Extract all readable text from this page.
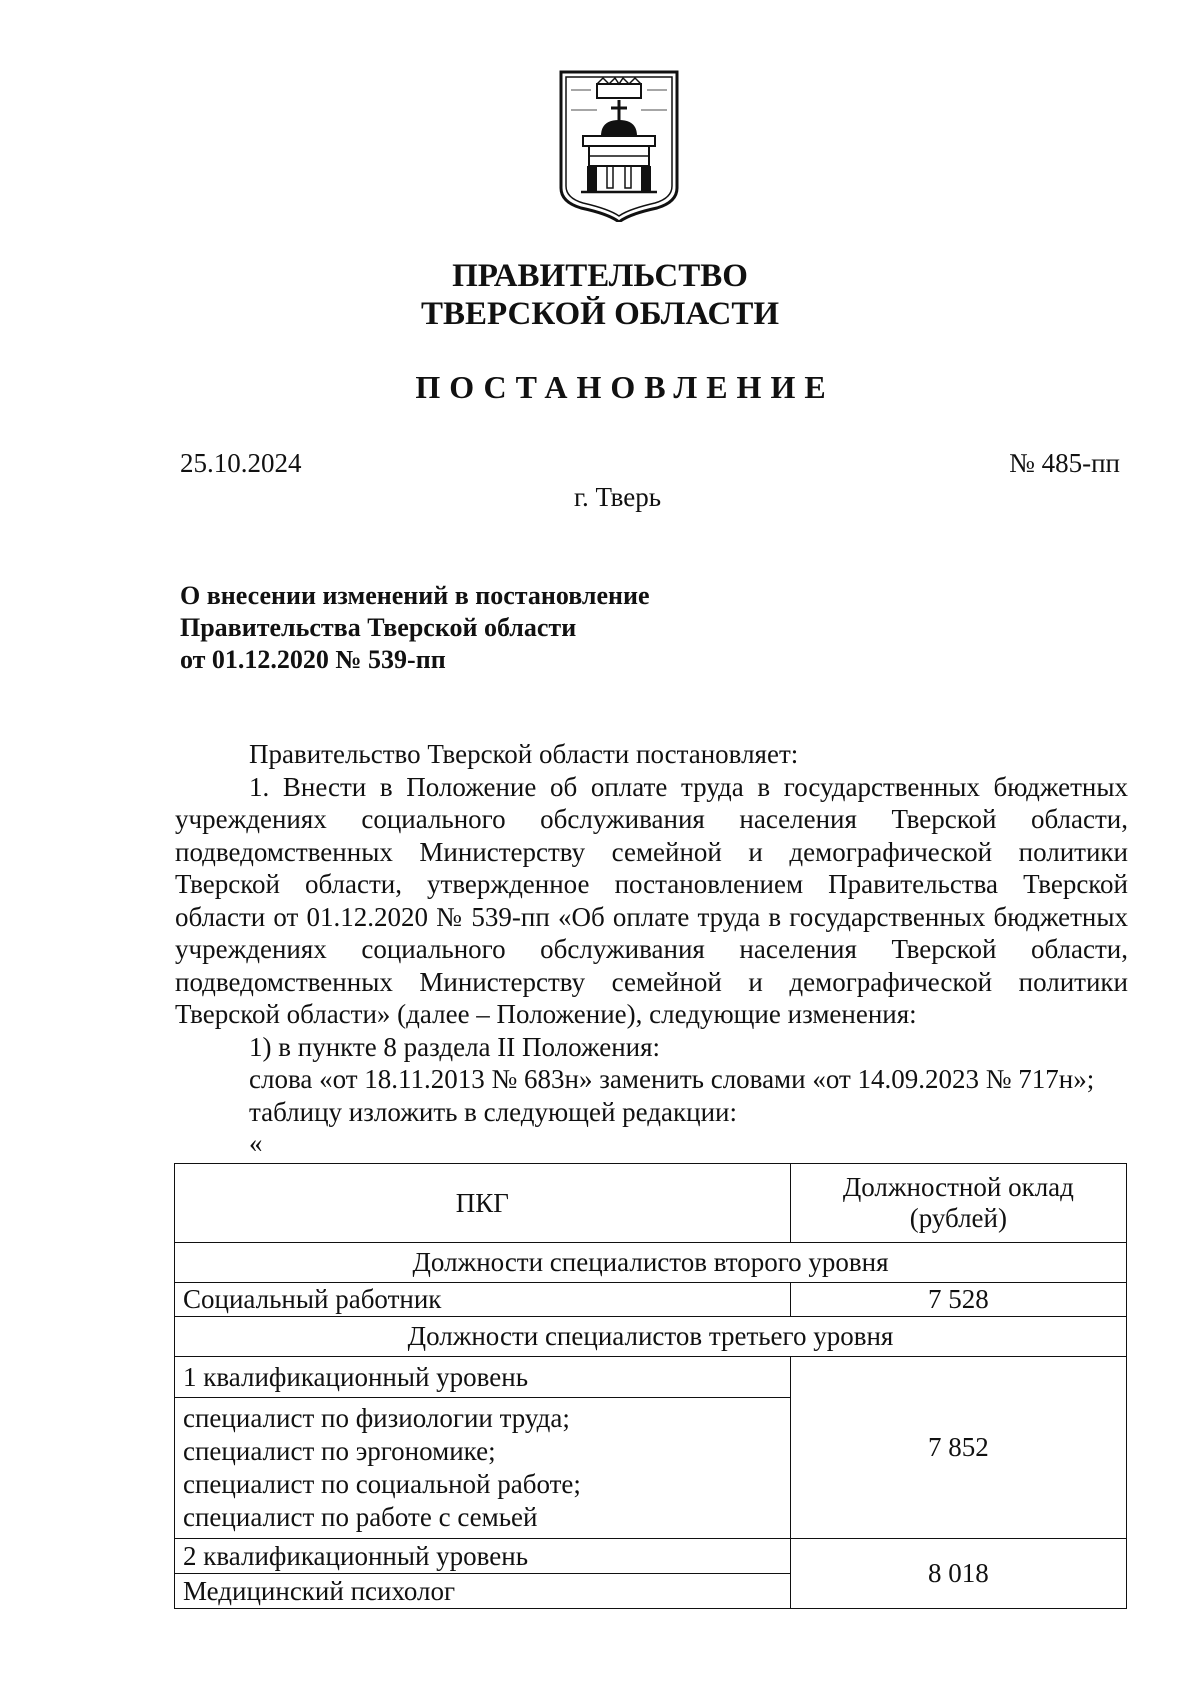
ПРАВИТЕЛЬСТВО
ТВЕРСКОЙ ОБЛАСТИ
ПОСТАНОВЛЕНИЕ
25.10.2024	№ 485-пп
г. Тверь
О внесении изменений в постановление
Правительства Тверской области
от 01.12.2020 № 539-пп

Правительство Тверской области постановляет:

1. Внести в Положение об оплате труда в государственных бюджетных учреждениях социального обслуживания населения Тверской области, подведомственных Министерству семейной и демографической политики Тверской области, утвержденное постановлением Правительства Тверской области от 01.12.2020 № 539-пп «Об оплате труда в государственных бюджетных учреждениях социального обслуживания населения Тверской области, подведомственных Министерству семейной и демографической политики Тверской области» (далее – Положение), следующие изменения:

1) в пункте 8 раздела II Положения:

слова «от 18.11.2013 № 683н» заменить словами «от 14.09.2023 № 717н»;

таблицу изложить в следующей редакции:

«

ПКГ	Должностной оклад
(рублей)

Должности специалистов второго уровня	
Социальный работник	7 528
Должности специалистов третьего уровня	
1 квалификационный уровень	7 852

специалист по физиологии труда;
специалист по эргономике;
специалист по социальной работе;
специалист по работе с семьей	

2 квалификационный уровень	8 018
Медицинский психолог	
